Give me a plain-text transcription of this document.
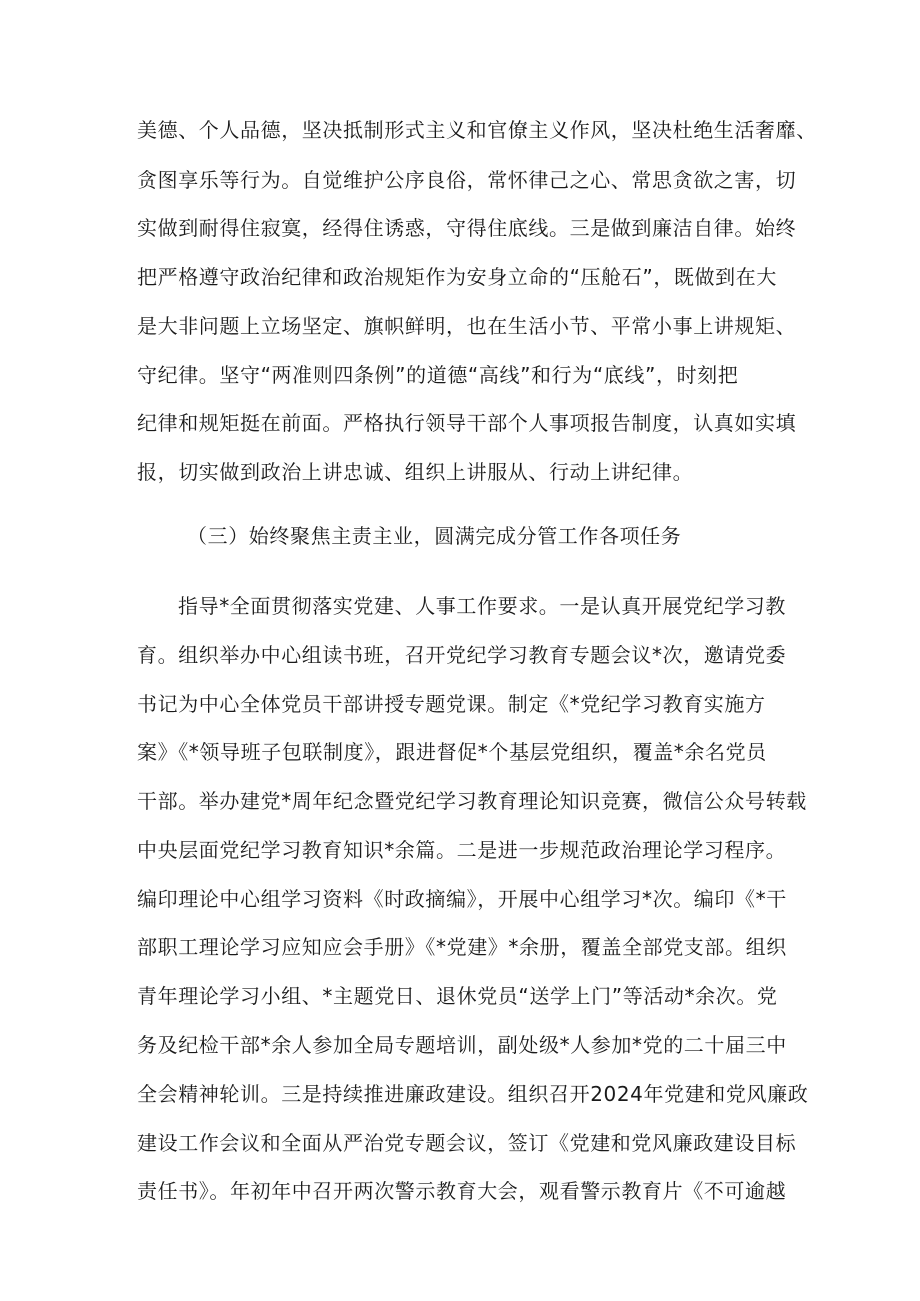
美德、个人品德，坚决抵制形式主义和官僚主义作风，坚决杜绝生活奢靡、
贪图享乐等行为。自觉维护公序良俗，常怀律己之心、常思贪欲之害，切
实做到耐得住寂寞，经得住诱惑，守得住底线。三是做到廉洁自律。始终
把严格遵守政治纪律和政治规矩作为安身立命的“压舱石”，既做到在大
是大非问题上立场坚定、旗帜鲜明，也在生活小节、平常小事上讲规矩、
守纪律。坚守“两准则四条例”的道德“高线”和行为“底线”，时刻把
纪律和规矩挺在前面。严格执行领导干部个人事项报告制度，认真如实填
报，切实做到政治上讲忠诚、组织上讲服从、行动上讲纪律。
（三）始终聚焦主责主业，圆满完成分管工作各项任务
指导*全面贯彻落实党建、人事工作要求。一是认真开展党纪学习教
育。组织举办中心组读书班，召开党纪学习教育专题会议*次，邀请党委
书记为中心全体党员干部讲授专题党课。制定《*党纪学习教育实施方
案》《*领导班子包联制度》，跟进督促*个基层党组织，覆盖*余名党员
干部。举办建党*周年纪念暨党纪学习教育理论知识竞赛，微信公众号转载
中央层面党纪学习教育知识*余篇。二是进一步规范政治理论学习程序。
编印理论中心组学习资料《时政摘编》，开展中心组学习*次。编印《*干
部职工理论学习应知应会手册》《*党建》*余册，覆盖全部党支部。组织
青年理论学习小组、*主题党日、退休党员“送学上门”等活动*余次。党
务及纪检干部*余人参加全局专题培训，副处级*人参加*党的二十届三中
全会精神轮训。三是持续推进廉政建设。组织召开2024年党建和党风廉政
建设工作会议和全面从严治党专题会议，签订《党建和党风廉政建设目标
责任书》。年初年中召开两次警示教育大会，观看警示教育片《不可逾越
